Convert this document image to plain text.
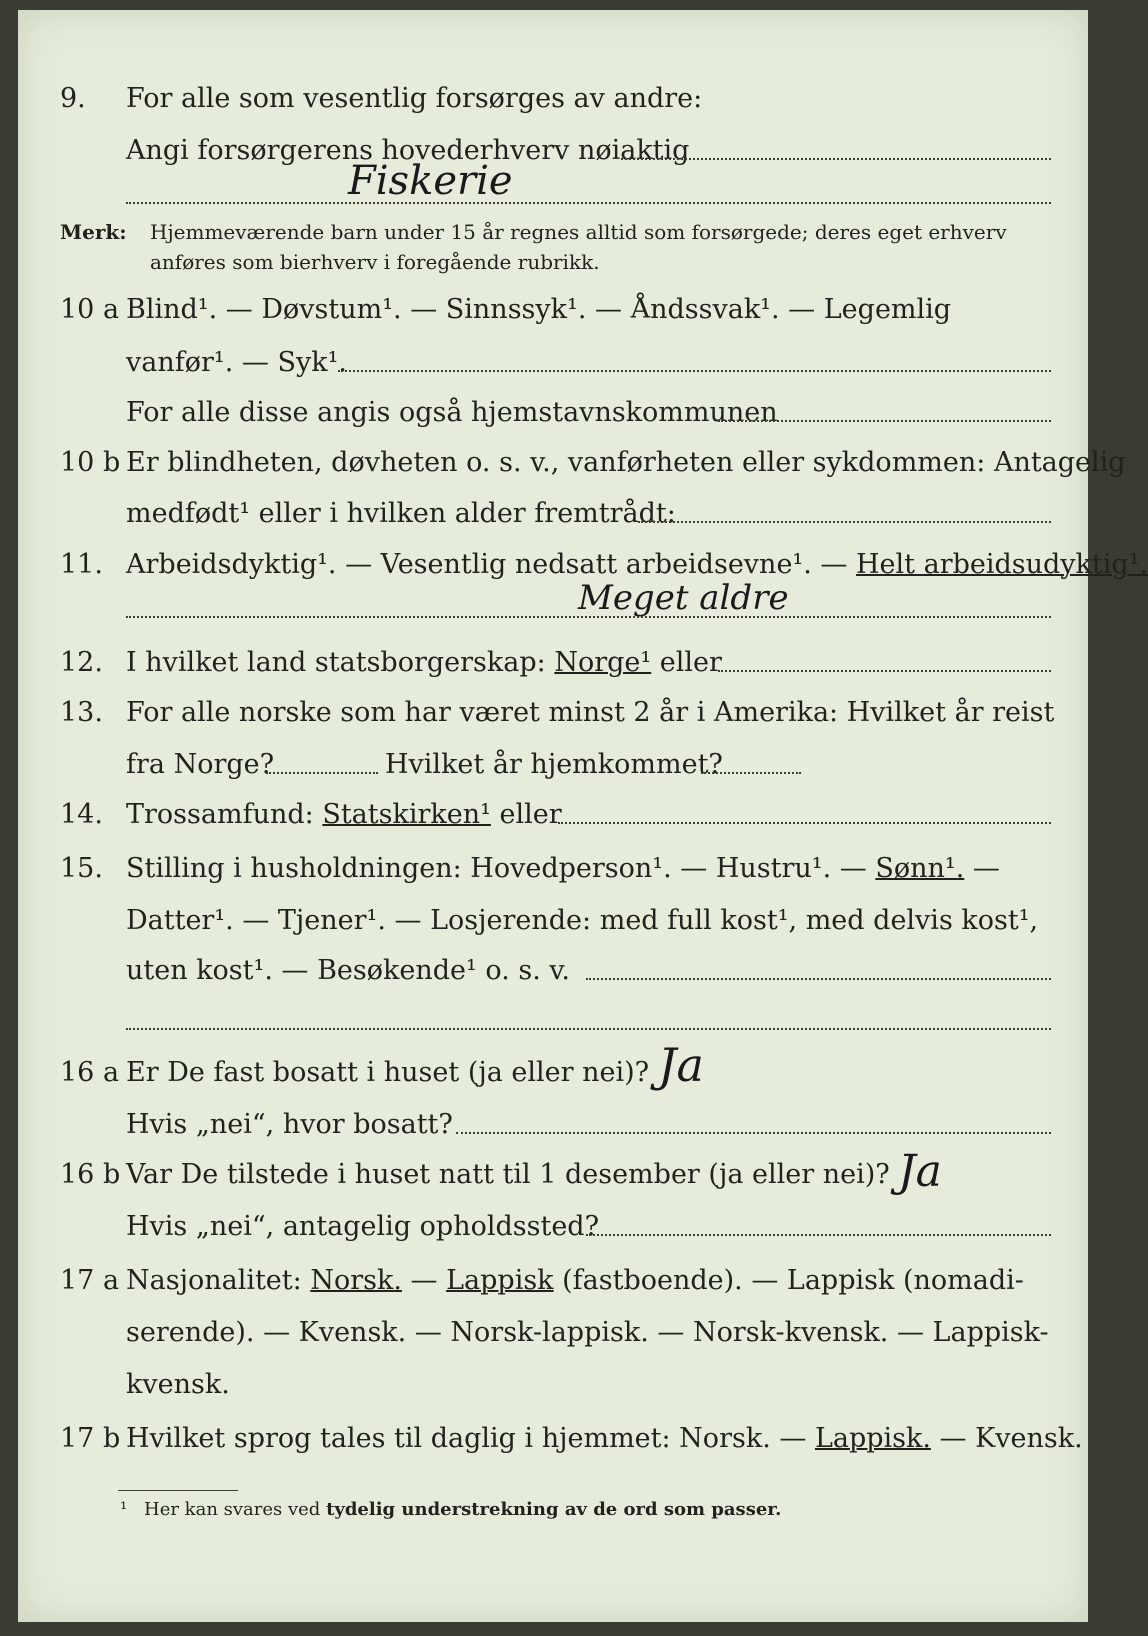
9. For alle som vesentlig forsørges av andre:
Angi forsørgerens hovederhverv nøiaktig
Fiskerie
Merk: Hjemmeværende barn under 15 år regnes alltid som forsørgede; deres eget erhverv
anføres som bierhverv i foregående rubrikk.
10 a Blind¹. — Døvstum¹. — Sinnssyk¹. — Åndssvak¹. — Legemlig
vanfør¹. — Syk¹.
For alle disse angis også hjemstavnskommunen
10 b Er blindheten, døvheten o. s. v., vanførheten eller sykdommen: Antagelig
medfødt¹ eller i hvilken alder fremtrådt:
11. Arbeidsdyktig¹. — Vesentlig nedsatt arbeidsevne¹. — Helt arbeidsudyktig¹.
Meget aldre
12. I hvilket land statsborgerskap: Norge¹ eller
13. For alle norske som har været minst 2 år i Amerika: Hvilket år reist
fra Norge?	Hvilket år hjemkommet?
14. Trossamfund: Statskirken¹ eller
15. Stilling i husholdningen: Hovedperson¹. — Hustru¹. — Sønn¹. —
Datter¹. — Tjener¹. — Losjerende: med full kost¹, med delvis kost¹,
uten kost¹. — Besøkende¹ o. s. v.
16 a Er De fast bosatt i huset (ja eller nei)? Ja
Hvis „nei“, hvor bosatt?
16 b Var De tilstede i huset natt til 1 desember (ja eller nei)? Ja
Hvis „nei“, antagelig opholdssted?
17 a Nasjonalitet: Norsk. — Lappisk (fastboende). — Lappisk (nomadi-
serende). — Kvensk. — Norsk-lappisk. — Norsk-kvensk. — Lappisk-
kvensk.
17 b Hvilket sprog tales til daglig i hjemmet: Norsk. — Lappisk. — Kvensk.
¹ Her kan svares ved tydelig understrekning av de ord som passer.
